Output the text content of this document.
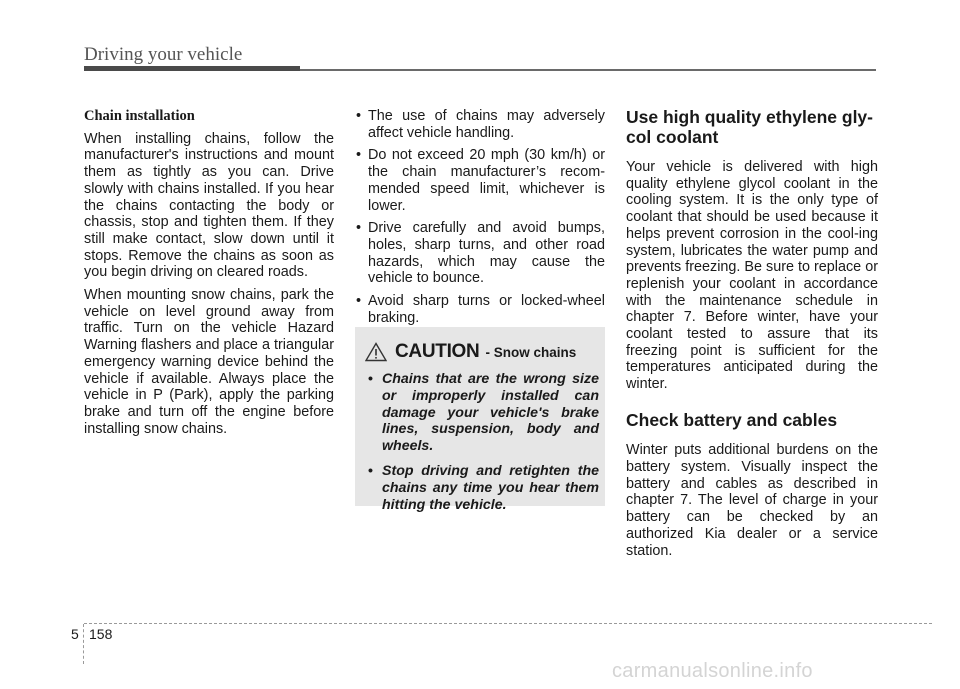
Driving your vehicle
Chain installation

When installing chains, follow the manufacturer's instructions and mount them as tightly as you can. Drive slowly with chains installed. If you hear the chains contacting the body or chassis, stop and tighten them. If they still make contact, slow down until it stops. Remove the chains as soon as you begin driving on cleared roads.

When mounting snow chains, park the vehicle on level ground away from traffic. Turn on the vehicle Hazard Warning flashers and place a triangular emergency warning device behind the vehicle if available. Always place the vehicle in P (Park), apply the parking brake and turn off the engine before installing snow chains.

• The use of chains may adversely affect vehicle handling.
• Do not exceed 20 mph (30 km/h) or the chain manufacturer’s recom-mended speed limit, whichever is lower.
• Drive carefully and avoid bumps, holes, sharp turns, and other road hazards, which may cause the vehicle to bounce.
• Avoid sharp turns or locked-wheel braking.
CAUTION - Snow chains
• Chains that are the wrong size or improperly installed can damage your vehicle's brake lines, suspension, body and wheels.
• Stop driving and retighten the chains any time you hear them hitting the vehicle.
Use high quality ethylene gly-col coolant

Your vehicle is delivered with high quality ethylene glycol coolant in the cooling system. It is the only type of coolant that should be used because it helps prevent corrosion in the cool-ing system, lubricates the water pump and prevents freezing. Be sure to replace or replenish your coolant in accordance with the maintenance schedule in chapter 7. Before winter, have your coolant tested to assure that its freezing point is sufficient for the temperatures anticipated during the winter.

Check battery and cables

Winter puts additional burdens on the battery system. Visually inspect the battery and cables as described in chapter 7. The level of charge in your battery can be checked by an authorized Kia dealer or a service station.

5 158
carmanualsonline.info
